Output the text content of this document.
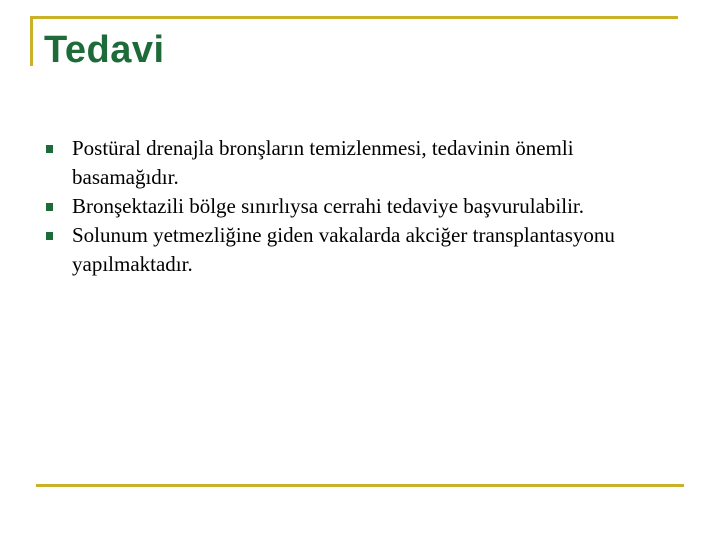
Tedavi
Postüral drenajla bronşların temizlenmesi, tedavinin önemli basamağıdır.
Bronşektazili bölge sınırlıysa cerrahi tedaviye başvurulabilir.
Solunum yetmezliğine giden vakalarda akciğer transplantasyonu yapılmaktadır.
